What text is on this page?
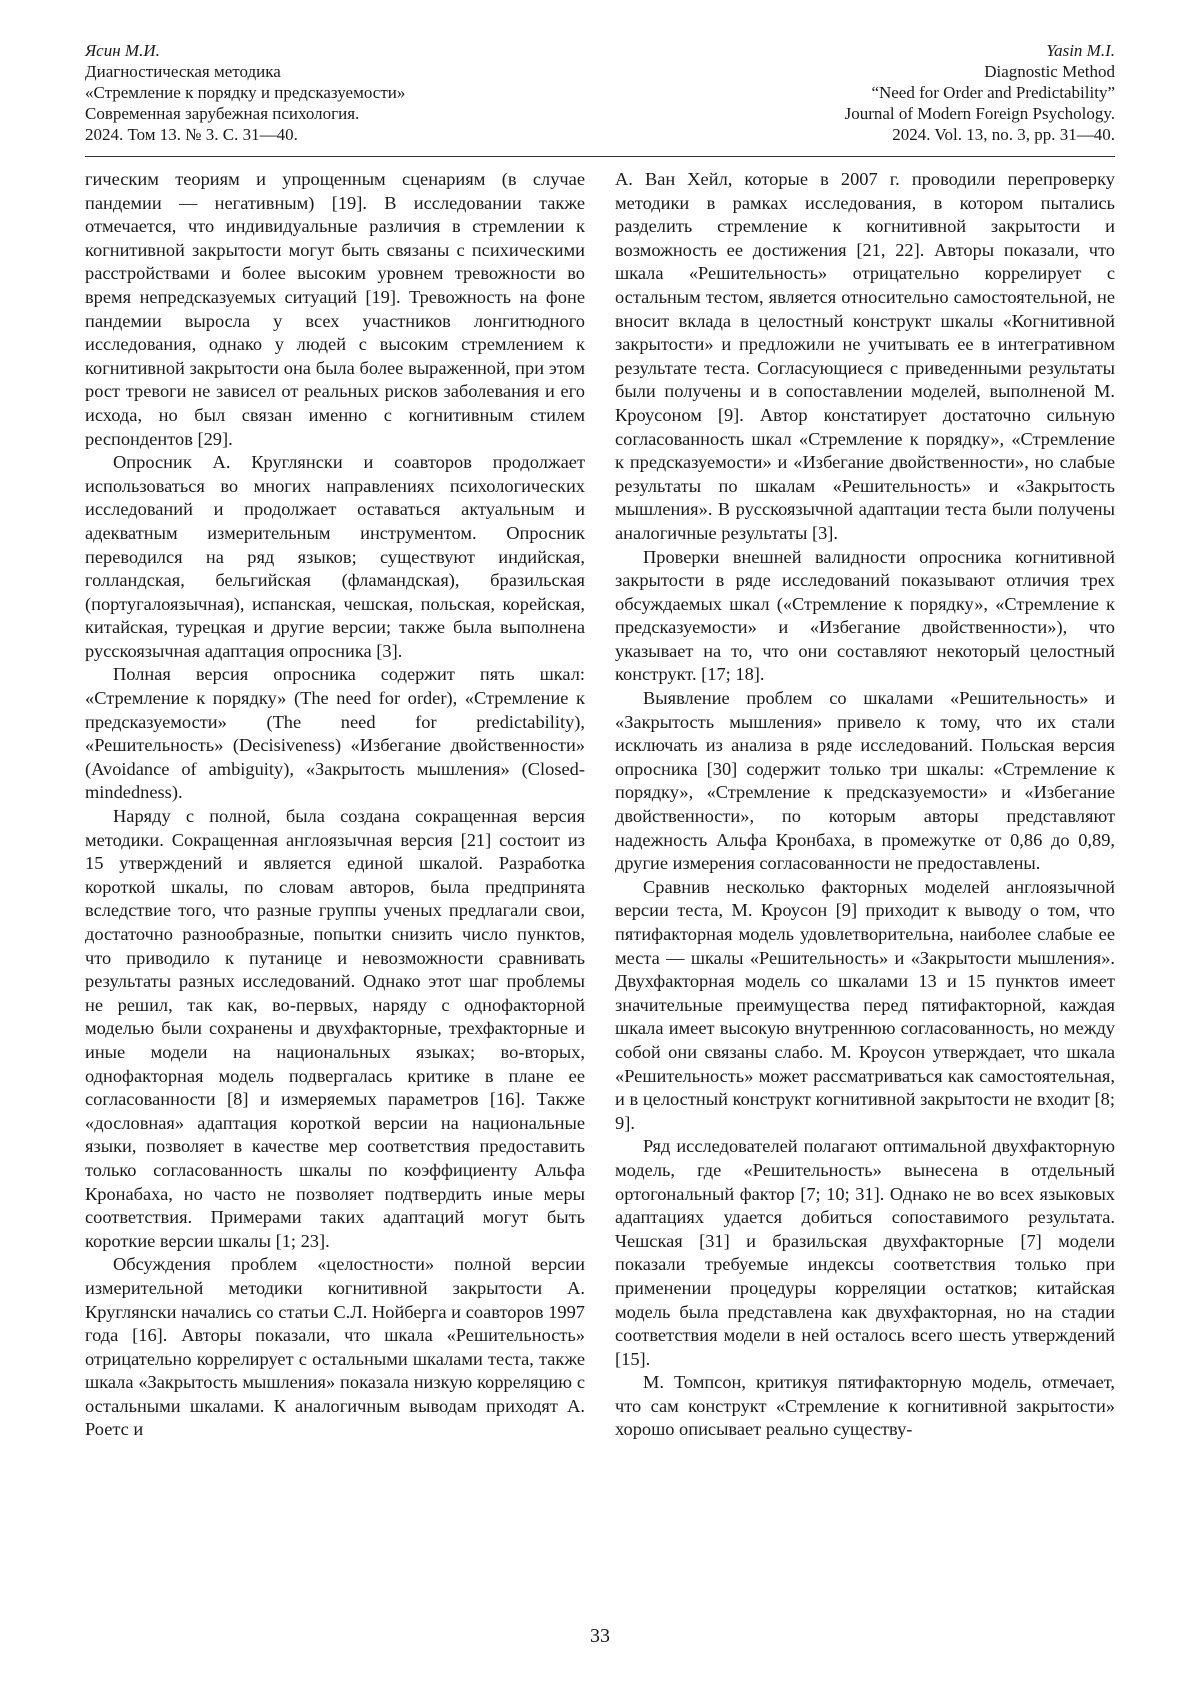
Ясин М.И.
Диагностическая методика
«Стремление к порядку и предсказуемости»
Современная зарубежная психология.
2024. Том 13. № 3. С. 31—40.
Yasin M.I.
Diagnostic Method
“Need for Order and Predictability”
Journal of Modern Foreign Psychology.
2024. Vol. 13, no. 3, pp. 31—40.

гическим теориям и упрощенным сценариям (в случае пандемии — негативным) [19]. В исследовании также отмечается, что индивидуальные различия в стремлении к когнитивной закрытости могут быть связаны с психическими расстройствами и более высоким уровнем тревожности во время непредсказуемых ситуаций [19]. Тревожность на фоне пандемии выросла у всех участников лонгитюдного исследования, однако у людей с высоким стремлением к когнитивной закрытости она была более выраженной, при этом рост тревоги не зависел от реальных рисков заболевания и его исхода, но был связан именно с когнитивным стилем респондентов [29].

Опросник А. Круглянски и соавторов продолжает использоваться во многих направлениях психологических исследований и продолжает оставаться актуальным и адекватным измерительным инструментом. Опросник переводился на ряд языков; существуют индийская, голландская, бельгийская (фламандская), бразильская (португалоязычная), испанская, чешская, польская, корейская, китайская, турецкая и другие версии; также была выполнена русскоязычная адаптация опросника [3].

Полная версия опросника содержит пять шкал: «Стремление к порядку» (The need for order), «Стремление к предсказуемости» (The need for predictability), «Решительность» (Decisiveness) «Избегание двойственности» (Avoidance of ambiguity), «Закрытость мышления» (Closed-mindedness).

Наряду с полной, была создана сокращенная версия методики. Сокращенная англоязычная версия [21] состоит из 15 утверждений и является единой шкалой. Разработка короткой шкалы, по словам авторов, была предпринята вследствие того, что разные группы ученых предлагали свои, достаточно разнообразные, попытки снизить число пунктов, что приводило к путанице и невозможности сравнивать результаты разных исследований. Однако этот шаг проблемы не решил, так как, во-первых, наряду с однофакторной моделью были сохранены и двухфакторные, трехфакторные и иные модели на национальных языках; во-вторых, однофакторная модель подвергалась критике в плане ее согласованности [8] и измеряемых параметров [16]. Также «дословная» адаптация короткой версии на национальные языки, позволяет в качестве мер соответствия предоставить только согласованность шкалы по коэффициенту Альфа Кронабаха, но часто не позволяет подтвердить иные меры соответствия. Примерами таких адаптаций могут быть короткие версии шкалы [1; 23].

Обсуждения проблем «целостности» полной версии измерительной методики когнитивной закрытости А. Круглянски начались со статьи С.Л. Нойберга и соавторов 1997 года [16]. Авторы показали, что шкала «Решительность» отрицательно коррелирует с остальными шкалами теста, также шкала «Закрытость мышления» показала низкую корреляцию с остальными шкалами. К аналогичным выводам приходят А. Роетс и

А. Ван Хейл, которые в 2007 г. проводили перепроверку методики в рамках исследования, в котором пытались разделить стремление к когнитивной закрытости и возможность ее достижения [21, 22]. Авторы показали, что шкала «Решительность» отрицательно коррелирует с остальным тестом, является относительно самостоятельной, не вносит вклада в целостный конструкт шкалы «Когнитивной закрытости» и предложили не учитывать ее в интегративном результате теста. Согласующиеся с приведенными результаты были получены и в сопоставлении моделей, выполненой М. Кроусоном [9]. Автор констатирует достаточно сильную согласованность шкал «Стремление к порядку», «Стремление к предсказуемости» и «Избегание двойственности», но слабые результаты по шкалам «Решительность» и «Закрытость мышления». В русскоязычной адаптации теста были получены аналогичные результаты [3].

Проверки внешней валидности опросника когнитивной закрытости в ряде исследований показывают отличия трех обсуждаемых шкал («Стремление к порядку», «Стремление к предсказуемости» и «Избегание двойственности»), что указывает на то, что они составляют некоторый целостный конструкт. [17; 18].

Выявление проблем со шкалами «Решительность» и «Закрытость мышления» привело к тому, что их стали исключать из анализа в ряде исследований. Польская версия опросника [30] содержит только три шкалы: «Стремление к порядку», «Стремление к предсказуемости» и «Избегание двойственности», по которым авторы представляют надежность Альфа Кронбаха, в промежутке от 0,86 до 0,89, другие измерения согласованности не предоставлены.

Сравнив несколько факторных моделей англоязычной версии теста, М. Кроусон [9] приходит к выводу о том, что пятифакторная модель удовлетворительна, наиболее слабые ее места — шкалы «Решительность» и «Закрытости мышления». Двухфакторная модель со шкалами 13 и 15 пунктов имеет значительные преимущества перед пятифакторной, каждая шкала имеет высокую внутреннюю согласованность, но между собой они связаны слабо. М. Кроусон утверждает, что шкала «Решительность» может рассматриваться как самостоятельная, и в целостный конструкт когнитивной закрытости не входит [8; 9].

Ряд исследователей полагают оптимальной двухфакторную модель, где «Решительность» вынесена в отдельный ортогональный фактор [7; 10; 31]. Однако не во всех языковых адаптациях удается добиться сопоставимого результата. Чешская [31] и бразильская двухфакторные [7] модели показали требуемые индексы соответствия только при применении процедуры корреляции остатков; китайская модель была представлена как двухфакторная, но на стадии соответствия модели в ней осталось всего шесть утверждений [15].

М. Томпсон, критикуя пятифакторную модель, отмечает, что сам конструкт «Стремление к когнитивной закрытости» хорошо описывает реально существу-

33
